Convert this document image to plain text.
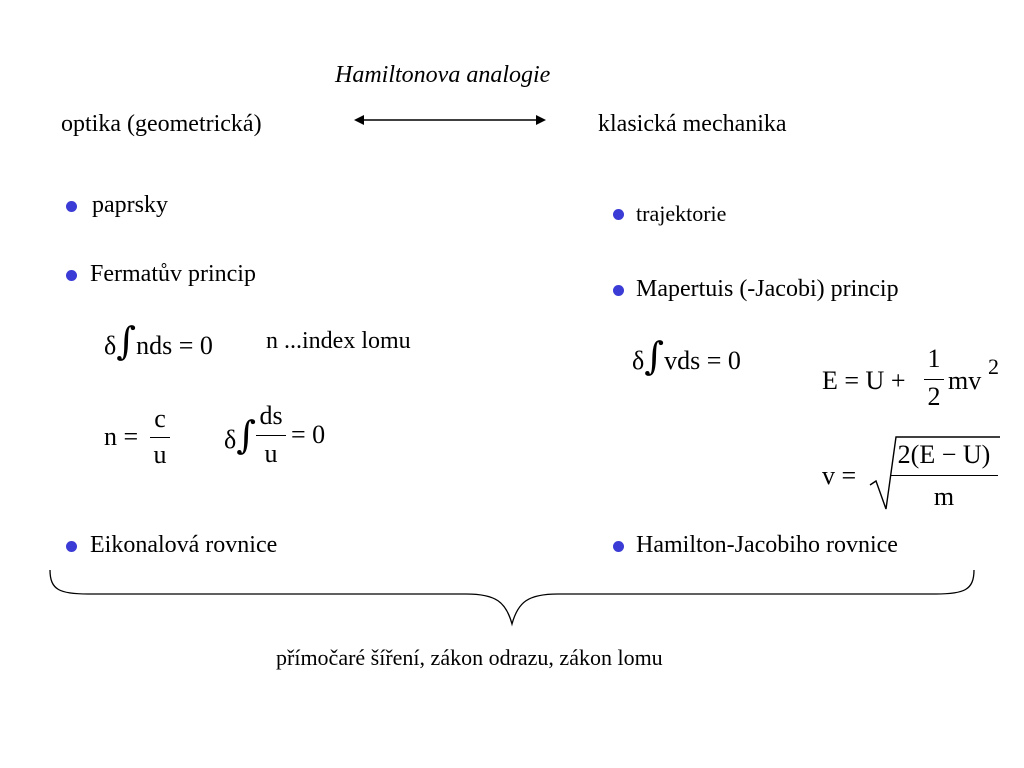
Hamiltonova analogie
optika (geometrická)	klasická mechanika
paprsky
Fermatův princip
Eikonalová rovnice
trajektorie
Mapertuis (-Jacobi) princip
Hamilton-Jacobiho rovnice
δ∫nds = 0 n ...index lomu
n =
c
u
δ∫ ds
u
= 0
δ∫vds = 0
E = U +
1
2
mv 2
v =
2(E − U)
m
přímočaré šíření, zákon odrazu, zákon lomu
